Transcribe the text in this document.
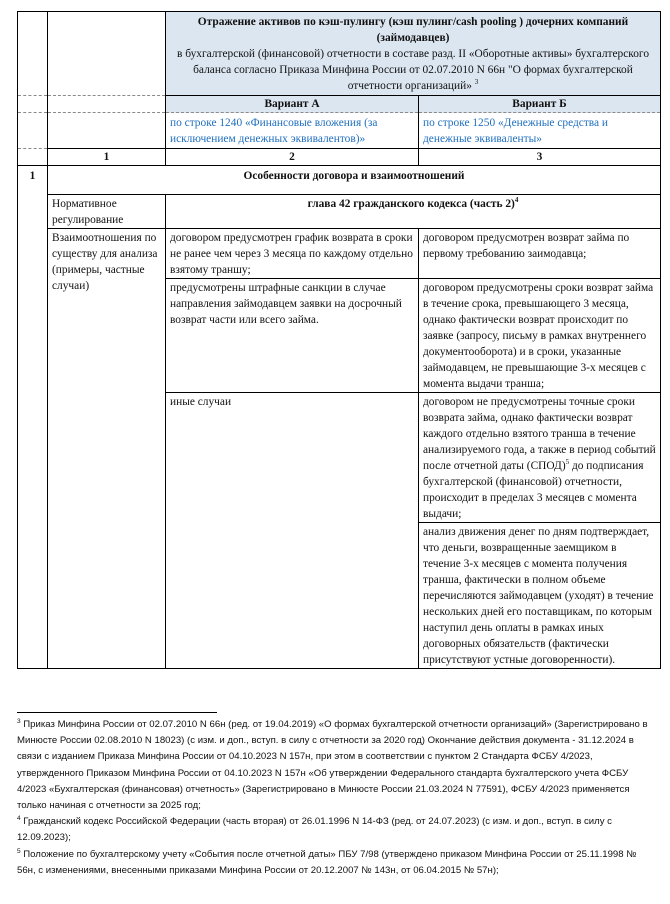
		Отражение активов по кэш-пулингу (кэш пулинг/cash pooling ) дочерних компаний (займодавцев)
в бухгалтерской (финансовой) отчетности в составе разд. II «Оборотные активы» бухгалтерского баланса согласно Приказа Минфина России от 02.07.2010 N 66н "О формах бухгалтерской отчетности организаций» $^3$

		Вариант А	Вариант Б
		по строке 1240 «Финансовые вложения (за исключением денежных эквивалентов)»	по строке 1250 «Денежные средства и денежные эквиваленты»
	1	2	3
1	Особенности договора и взаимоотношений		
	Нормативное регулирование	глава 42 гражданского кодекса (часть 2)$^4$
	Взаимоотношения по существу для анализа (примеры, частные случаи)	договором предусмотрен график возврата в сроки не ранее чем через 3 месяца по каждому отдельно взятому траншу;	договором предусмотрен возврат займа по первому требованию заимодавца;
		предусмотрены штрафные санкции в случае направления займодавцем заявки на досрочный возврат части или всего займа.	договором предусмотрены сроки возврат займа в течение срока, превышающего 3 месяца, однако фактически возврат происходит по заявке (запросу, письму в рамках внутреннего документооборота) и в сроки, указанные займодавцем, не превышающие 3-х месяцев с момента выдачи транша;
		иные случаи	договором не предусмотрены точные сроки возврата займа, однако фактически возврат каждого отдельно взятого транша в течение анализируемого года, а также в период событий после отчетной даты (СПОД)$^5$ до подписания бухгалтерской (финансовой) отчетности, происходит в пределах 3 месяцев с момента выдачи;
			анализ движения денег по дням подтверждает, что деньги, возвращенные заемщиком в течение 3-х месяцев с момента получения транша, фактически в полном объеме перечисляются займодавцем (уходят) в течение нескольких дней его поставщикам, по которым наступил день оплаты в рамках иных договорных обязательств (фактически присутствуют устные договоренности).

$^3$ Приказ Минфина России от 02.07.2010 N 66н (ред. от 19.04.2019) «О формах бухгалтерской отчетности организаций» (Зарегистрировано в Минюсте России 02.08.2010 N 18023) (с изм. и доп., вступ. в силу с отчетности за 2020 год) Окончание действия документа - 31.12.2024 в связи с изданием Приказа Минфина России от 04.10.2023 N 157н, при этом в соответствии с пунктом 2 Стандарта ФСБУ 4/2023, утвержденного Приказом Минфина России от 04.10.2023 N 157н «Об утверждении Федерального стандарта бухгалтерского учета ФСБУ 4/2023 «Бухгалтерская (финансовая) отчетность» (Зарегистрировано в Минюсте России 21.03.2024 N 77591), ФСБУ 4/2023 применяется только начиная с отчетности за 2025 год;

$^4$ Гражданский кодекс Российской Федерации (часть вторая) от 26.01.1996 N 14-ФЗ (ред. от 24.07.2023) (с изм. и доп., вступ. в силу с 12.09.2023);

$^5$ Положение по бухгалтерскому учету «События после отчетной даты» ПБУ 7/98 (утверждено приказом Минфина России от 25.11.1998 № 56н, с изменениями, внесенными приказами Минфина России от 20.12.2007 № 143н, от 06.04.2015 № 57н);
